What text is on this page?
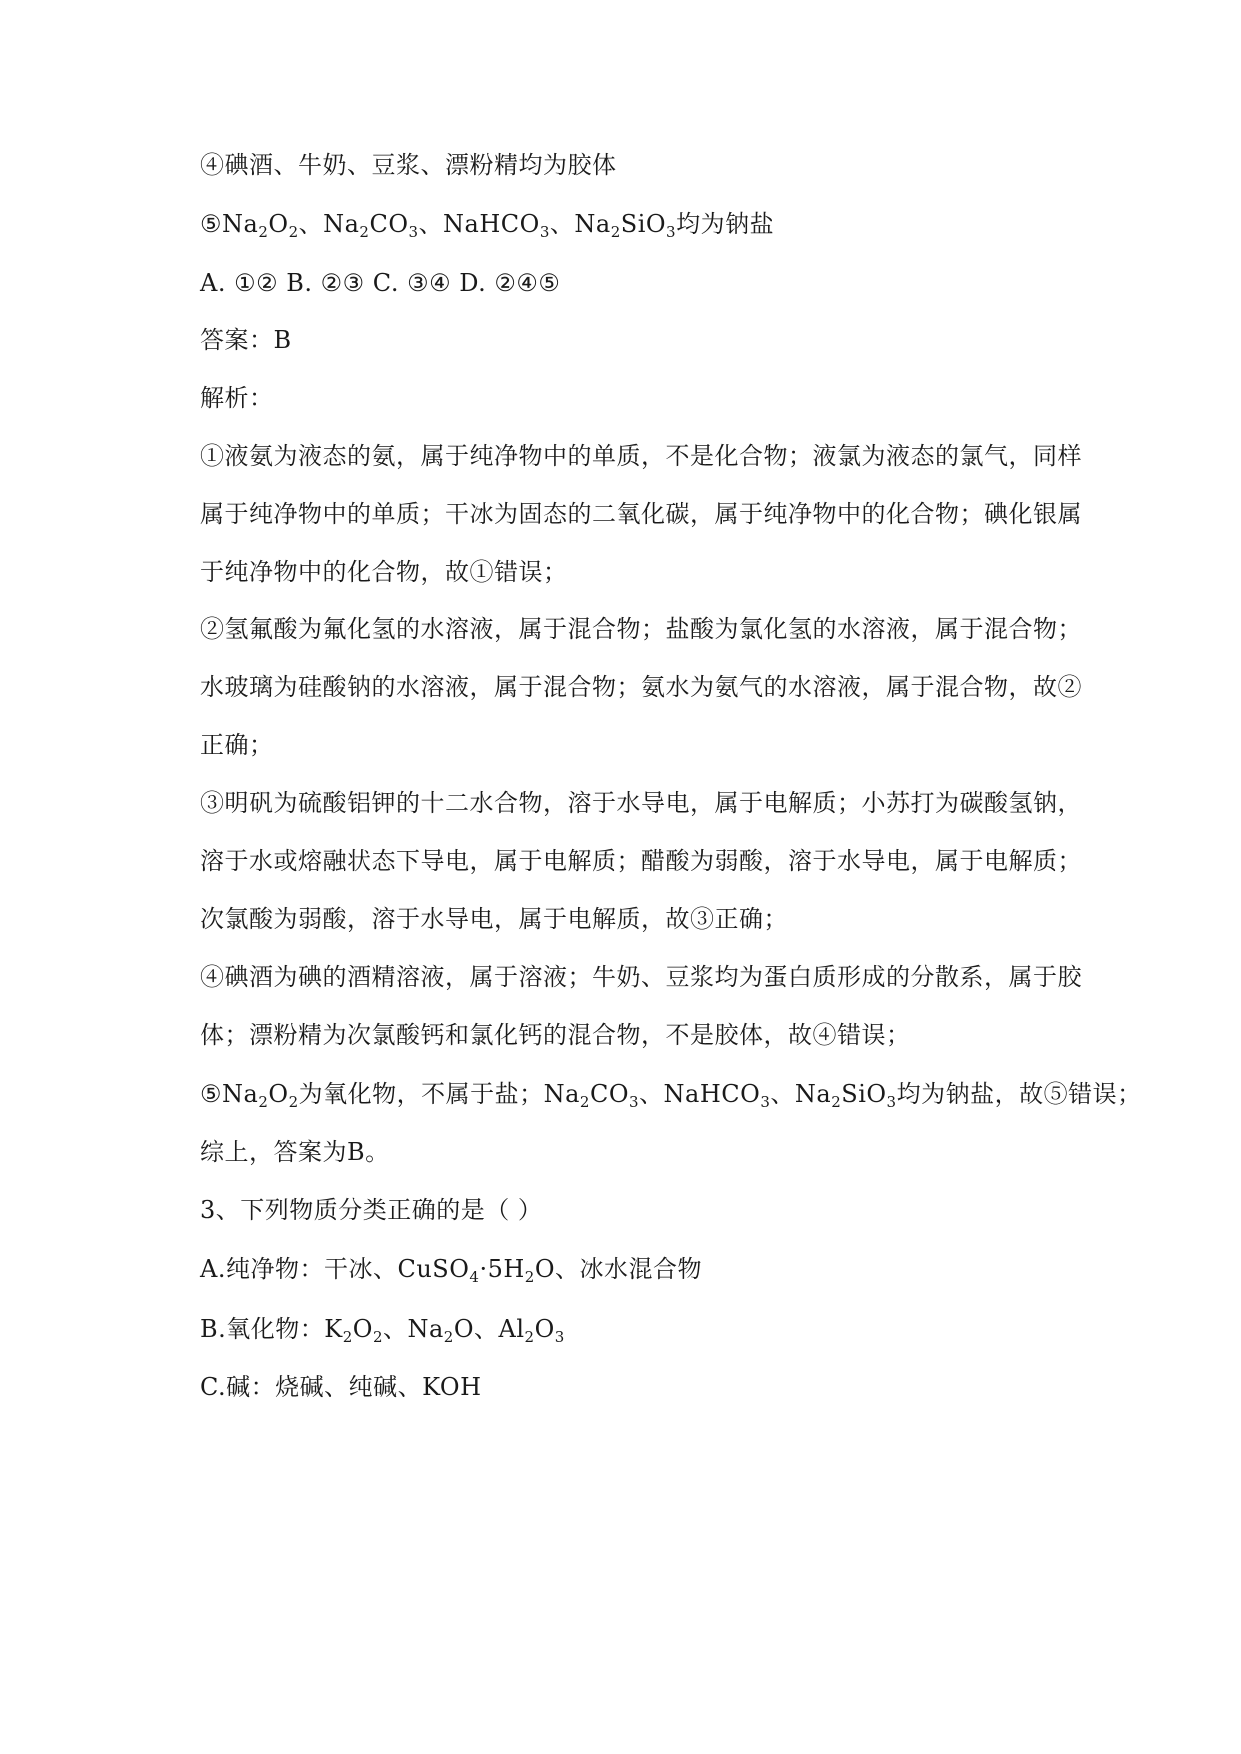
④碘酒、牛奶、豆浆、漂粉精均为胶体
$⑤Na_2O_2$、$Na_2CO_3$、NaHCO$_3$、$Na_2SiO_3$均为钠盐
A. ①② B. ②③ C. ③④ D. ②④⑤
答案：B
解析：
①液氨为液态的氨，属于纯净物中的单质，不是化合物；液氯为液态的氯气，同样
属于纯净物中的单质；干冰为固态的二氧化碳，属于纯净物中的化合物；碘化银属
于纯净物中的化合物，故①错误；
②氢氟酸为氟化氢的水溶液，属于混合物；盐酸为氯化氢的水溶液，属于混合物；
水玻璃为硅酸钠的水溶液，属于混合物；氨水为氨气的水溶液，属于混合物，故②
正确；
③明矾为硫酸铝钾的十二水合物，溶于水导电，属于电解质；小苏打为碳酸氢钠，
溶于水或熔融状态下导电，属于电解质；醋酸为弱酸，溶于水导电，属于电解质；
次氯酸为弱酸，溶于水导电，属于电解质，故③正确；
④碘酒为碘的酒精溶液，属于溶液；牛奶、豆浆均为蛋白质形成的分散系，属于胶
体；漂粉精为次氯酸钙和氯化钙的混合物，不是胶体，故④错误；
$⑤Na_2O_2$为氧化物，不属于盐；$Na_2CO_3$、NaHCO$_3$、$Na_2SiO_3$均为钠盐，故⑤错误；
综上，答案为B。
3、下列物质分类正确的是（ ）
A.纯净物：干冰、$CuSO_4\cdot 5H_2O$、冰水混合物
B.氧化物：$K_2O_2$、$Na_2O$、$Al_2O_3$
C.碱：烧碱、纯碱、KOH
